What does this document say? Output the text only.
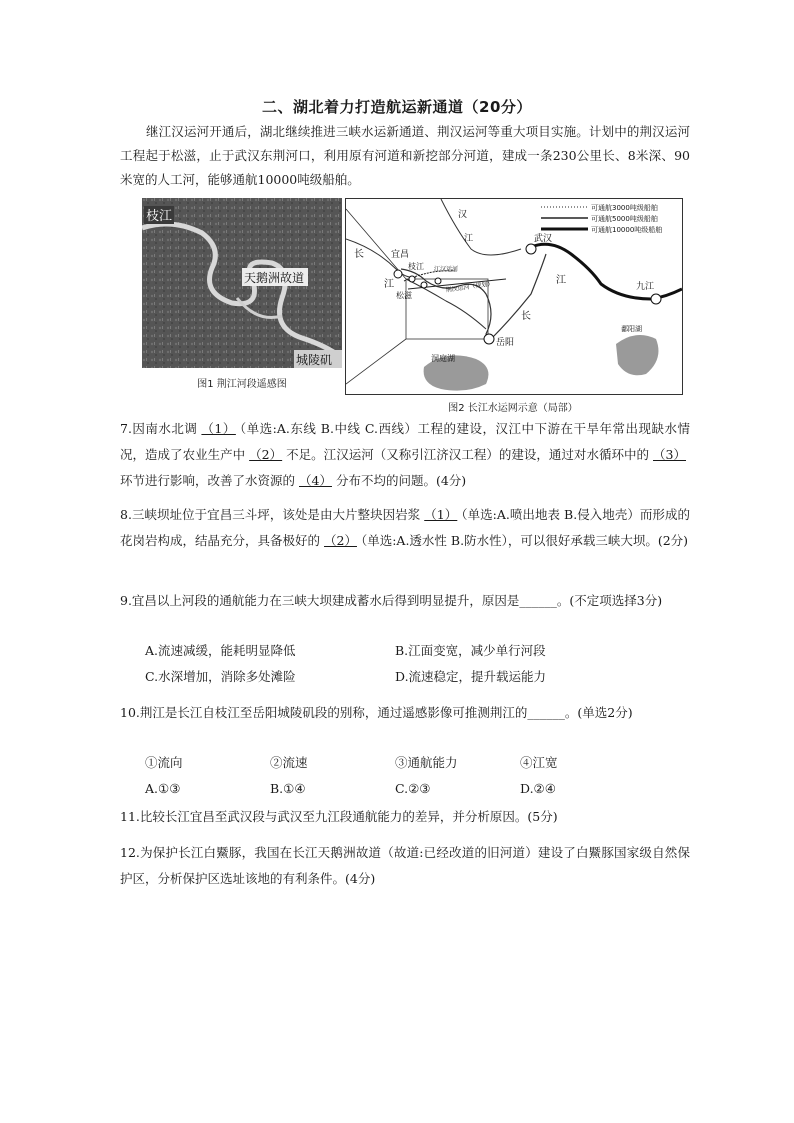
二、湖北着力打造航运新通道（20分）
继江汉运河开通后，湖北继续推进三峡水运新通道、荆汉运河等重大项目实施。计划中的荆汉运河工程起于松滋，止于武汉东荆河口，利用原有河道和新挖部分河道，建成一条230公里长、8米深、90米宽的人工河，能够通航10000吨级船舶。
枝江
天鹅洲故道
城陵矶
图1 荆江河段遥感图
可通航3000吨级船舶
可通航5000吨级船舶
可通航10000吨级船舶
汉
江
长
江
宜昌
枝江
松滋
江汉运河
荆汉运河（规划）
武汉
江
长
岳阳
洞庭湖
九江
鄱阳湖
图2 长江水运网示意（局部）
7.因南水北调 （1） （单选:A.东线 B.中线 C.西线）工程的建设，汉江中下游在干旱年常出现缺水情况，造成了农业生产中 （2） 不足。江汉运河（又称引江济汉工程）的建设，通过对水循环中的 （3）环节进行影响，改善了水资源的 （4） 分布不均的问题。(4分)
8.三峡坝址位于宜昌三斗坪，该处是由大片整块因岩浆 （1） （单选:A.喷出地表 B.侵入地壳）而形成的花岗岩构成，结晶充分，具备极好的 （2） （单选:A.透水性 B.防水性），可以很好承载三峡大坝。(2分)
9.宜昌以上河段的通航能力在三峡大坝建成蓄水后得到明显提升，原因是______。(不定项选择3分)
A.流速减缓，能耗明显降低	B.江面变宽，减少单行河段
C.水深增加，消除多处滩险	D.流速稳定，提升载运能力
10.荆江是长江自枝江至岳阳城陵矶段的别称，通过遥感影像可推测荆江的______。(单选2分)
①流向	②流速	③通航能力	④江宽
A.①③	B.①④	C.②③	D.②④
11.比较长江宜昌至武汉段与武汉至九江段通航能力的差异，并分析原因。(5分)
12.为保护长江白鱀豚，我国在长江天鹅洲故道（故道:已经改道的旧河道）建设了白鱀豚国家级自然保护区，分析保护区选址该地的有利条件。(4分)
